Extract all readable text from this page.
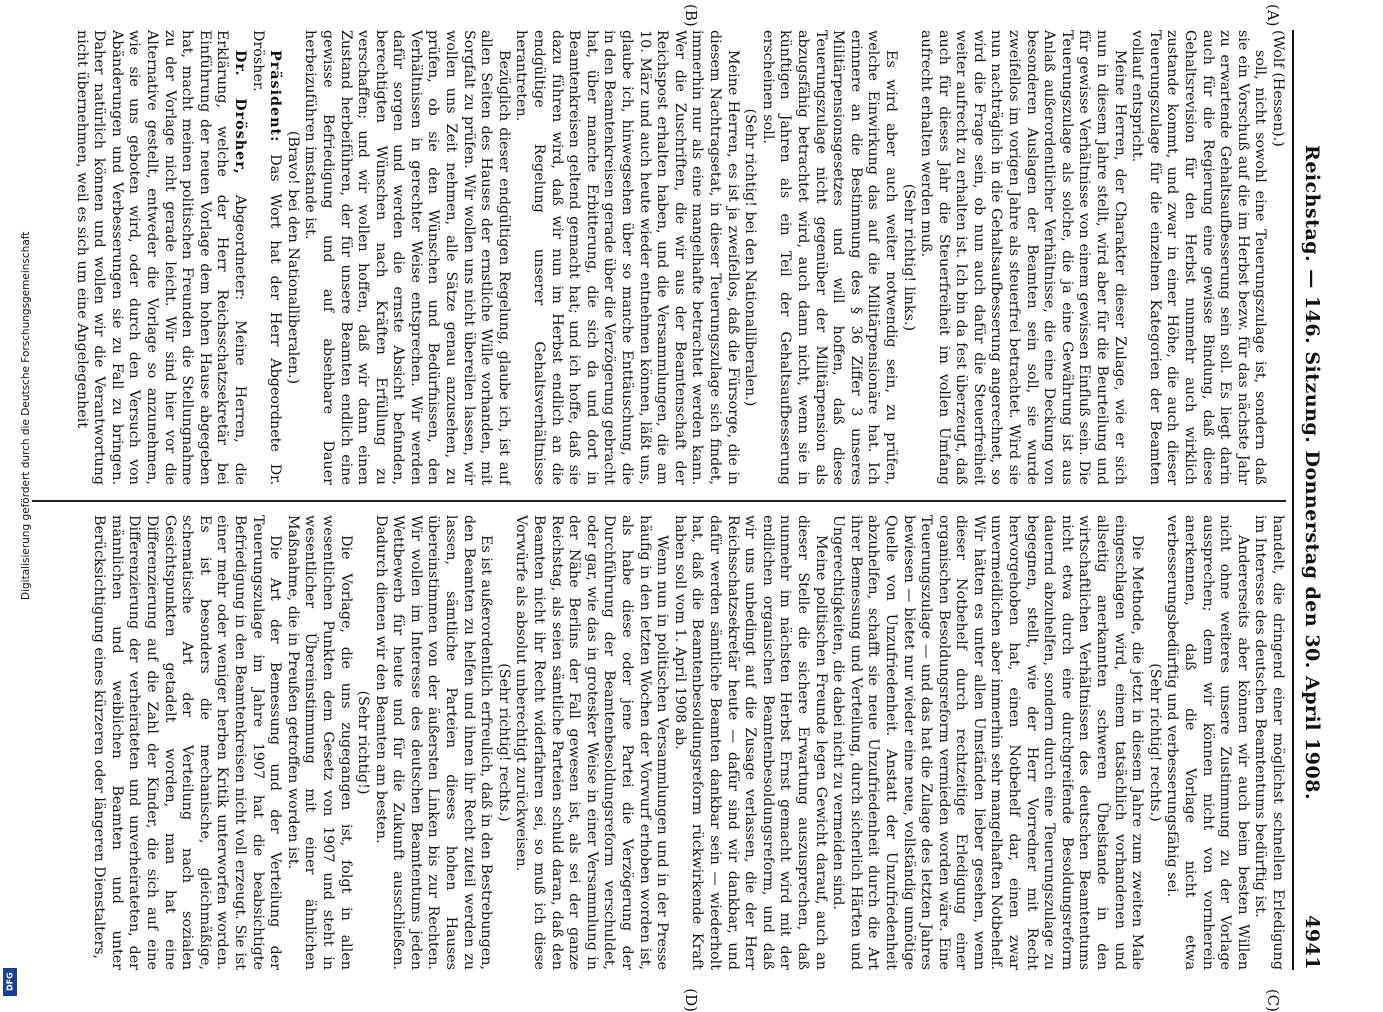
Reichstag. — 146. Sitzung. Donnerstag den 30. April 1908.
4941
(A)
(B)
(C)
(D)

(Wolf (Hessen).)

soll, nicht sowohl eine Teuerungszulage ist, sondern daß sie ein Vorschuß auf die im Herbst bezw. für das nächste Jahr zu erwartende Gehaltsaufbesserung sein soll. Es liegt darin auch für die Regierung eine gewisse Bindung, daß diese Gehaltsrevision für den Herbst nunmehr auch wirklich zustande kommt, und zwar in einer Höhe, die auch dieser Teuerungszulage für die einzelnen Kategorien der Beamten vollauf entspricht.

Meine Herren, der Charakter dieser Zulage, wie er sich nun in diesem Jahre stellt, wird aber für die Beurteilung und für gewisse Verhältnisse von einem gewissen Einfluß sein. Die Teuerungszulage als solche, die ja eine Gewährung ist aus Anlaß außerordentlicher Verhältnisse, die eine Deckung von besonderen Auslagen der Beamten sein soll, sie wurde zweifellos im vorigen Jahre als steuerfrei betrachtet. Wird sie nun nachträglich in die Gehaltsaufbesserung angerechnet, so wird die Frage sein, ob nun auch dafür die Steuerfreiheit weiter aufrecht zu erhalten ist. Ich bin da fest überzeugt, daß auch für dieses Jahr die Steuerfreiheit im vollen Umfang aufrecht erhalten werden muß.

(Sehr richtig! links.)

Es wird aber auch weiter notwendig sein, zu prüfen, welche Einwirkung das auf die Militärpensionäre hat. Ich erinnere an die Bestimmung des § 36 Ziffer 3 unseres Militärpensionsgesetzes und will hoffen, daß diese Teuerungszulage nicht gegenüber der Militärpension als abzugsfähig betrachtet wird, auch dann nicht, wenn sie in künftigen Jahren als ein Teil der Gehaltsaufbesserung erscheinen soll.

(Sehr richtig! bei den Nationalliberalen.)

Meine Herren, es ist ja zweifellos, daß die Fürsorge, die in diesem Nachtragsetat, in dieser Teuerungszulage sich findet, immerhin nur als eine mangelhafte betrachtet werden kann. Wer die Zuschriften, die wir aus der Beamtenschaft der Reichspost erhalten haben, und die Versammlungen, die am 10. März und auch heute wieder entnehmen können, läßt uns, glaube ich, hinwegsehen über so manche Enttäuschung, die in den Beamtenkreisen gerade über die Verzögerung gebracht hat, über manche Erbitterung, die sich da und dort in Beamtenkreisen geltend gemacht hat; und ich hoffe, daß sie dazu führen wird, daß wir nun im Herbst endlich an die endgültige Regelung unserer Gehaltsverhältnisse herantreten.

Bezüglich dieser endgültigen Regelung, glaube ich, ist auf allen Seiten des Hauses der ernstliche Wille vorhanden, mit Sorgfalt zu prüfen. Wir wollen uns nicht übereilen lassen, wir wollen uns Zeit nehmen, alle Sätze genau anzusehen, zu prüfen, ob sie den Wünschen und Bedürfnissen, den Verhältnissen in gerechter Weise entsprechen. Wir werden dafür sorgen und werden die ernste Absicht befunden, berechtigten Wünschen nach Kräften Erfüllung zu verschaffen; und wir wollen hoffen, daß wir dann einen Zustand herbeiführen, der für unsere Beamten endlich eine gewisse Befriedigung und auf absehbare Dauer herbeizuführen imstande ist.

(Bravo! bei den Nationalliberalen.)

Präsident: Das Wort hat der Herr Abgeordnete Dr. Drösher.

Dr. Drösher, Abgeordneter: Meine Herren, die Erklärung, welche der Herr Reichsschatzsekretär bei Einführung der neuen Vorlage dem hohen Hause abgegeben hat, macht meinen politischen Freunden die Stellungnahme zu der Vorlage nicht gerade leicht. Wir sind hier vor die Alternative gestellt, entweder die Vorlage so anzunehmen, wie sie uns geboten wird, oder durch den Versuch von Abänderungen und Verbesserungen sie zu Fall zu bringen. Daher natürlich können und wollen wir die Verantwortung nicht übernehmen, weil es sich um eine Angelegenheit

handelt, die dringend einer möglichst schnellen Erledigung im Interesse des deutschen Beamtentums bedürftig ist.

Andererseits aber können wir auch beim besten Willen nicht ohne weiteres unsere Zustimmung zu der Vorlage aussprechen; denn wir können nicht von vornherein anerkennen, daß die Vorlage nicht etwa verbesserungsbedürftig und verbesserungsfähig sei.

(Sehr richtig! rechts.)

Die Methode, die jetzt in diesem Jahre zum zweiten Male eingeschlagen wird, einem tatsächlich vorhandenen und allseitig anerkannten schweren Übelstande in den wirtschaftlichen Verhältnissen des deutschen Beamtentums nicht etwa durch eine durchgreifende Besoldungsreform dauernd abzuhelfen, sondern durch eine Teuerungszulage zu begegnen, stellt, wie der Herr Vorredner mit Recht hervorgehoben hat, einen Notbehelf dar, einen zwar unvermeidlichen aber immerhin sehr mangelhaften Notbehelf. Wir hätten es unter allen Umständen lieber gesehen, wenn dieser Notbehelf durch rechtzeitige Erledigung einer organischen Besoldungsreform vermieden worden wäre. Eine Teuerungszulage — und das hat die Zulage des letzten Jahres bewiesen — bietet nur wieder eine neue, vollständig unnötige Quelle von Unzufriedenheit. Anstatt der Unzufriedenheit abzuhelfen, schafft sie neue Unzufriedenheit durch die Art ihrer Bemessung und Verteilung, durch sicherlich Härten und Ungerechtigkeiten, die dabei nicht zu vermeiden sind.

Meine politischen Freunde legen Gewicht darauf, auch an dieser Stelle die sichere Erwartung auszusprechen, daß nunmehr im nächsten Herbst Ernst gemacht wird mit der endlichen organischen Beamtenbesoldungsreform, und daß wir uns unbedingt auf die Zusage verlassen, die der Herr Reichsschatzsekretär heute — dafür sind wir dankbar, und dafür werden sämtliche Beamten dankbar sein — wiederholt hat, daß die Beamtenbesoldungsreform rückwirkende Kraft haben soll vom 1. April 1908 ab.

Wenn nun in politischen Versammlungen und in der Presse häufig in den letzten Wochen der Vorwurf erhoben worden ist, als habe diese oder jene Partei die Verzögerung der Durchführung der Beamtenbesoldungsreform verschuldet, oder gar, wie das in grotesker Weise in einer Versammlung in der Nähe Berlins der Fall gewesen ist, als sei der ganze Reichstag, als seien sämtliche Parteien schuld daran, daß den Beamten nicht ihr Recht widerfahren sei, so muß ich diese Vorwürfe als absolut unberechtigt zurückweisen.

(Sehr richtig! rechts.)

Es ist außerordentlich erfreulich, daß in den Bestrebungen, den Beamten zu helfen und ihnen ihr Recht zuteil werden zu lassen, sämtliche Parteien dieses hohen Hauses übereinstimmen von der äußersten Linken bis zur Rechten. Wir wollen im Interesse des deutschen Beamtentums jeden Wettbewerb für heute und für die Zukunft ausschließen. Dadurch dienen wir den Beamten am besten.

(Sehr richtig!)

Die Vorlage, die uns zugegangen ist, folgt in allen wesentlichen Punkten dem Gesetz von 1907 und steht in wesentlicher Übereinstimmung mit einer ähnlichen Maßnahme, die in Preußen getroffen worden ist.

Die Art der Bemessung und der Verteilung der Teuerungszulage im Jahre 1907 hat die beabsichtigte Befriedigung in den Beamtenkreisen nicht voll erzeugt. Sie ist einer mehr oder weniger herben Kritik unterworfen worden. Es ist besonders die mechanische, gleichmäßige, schematische Art der Verteilung nach sozialen Gesichtspunkten getadelt worden, man hat eine Differenzierung auf die Zahl der Kinder, die sich auf eine Differenzierung der verheirateten und unverheirateten, der männlichen und weiblichen Beamten und unter Berücksichtigung eines kürzeren oder längeren Dienstalters,

Digitalisierung gefördert durch die Deutsche Forschungsgemeinschaft
DFG
